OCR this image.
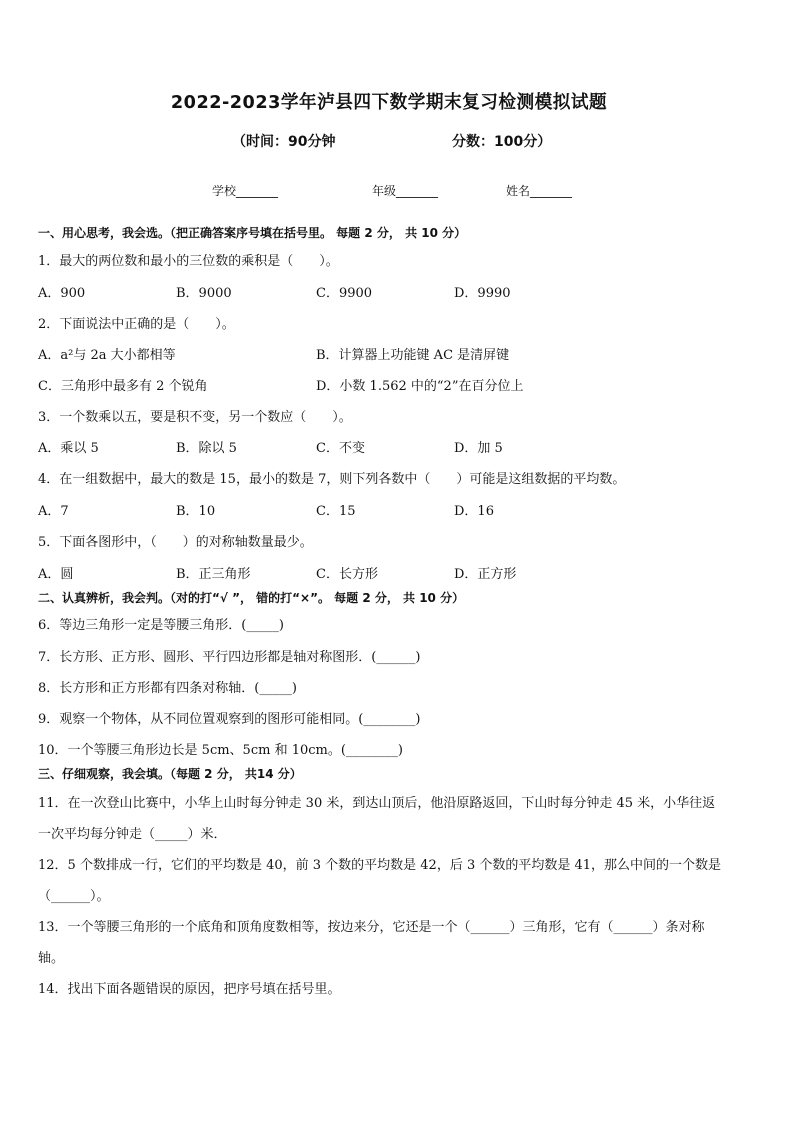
2022-2023学年泸县四下数学期末复习检测模拟试题
（时间：90分钟	分数：100分）
学校_______	年级_______	姓名_______
一、用心思考，我会选。（把正确答案序号填在括号里。 每题 2 分， 共 10 分）
1．最大的两位数和最小的三位数的乘积是（　　）。
A．900	B．9000	C．9900	D．9990
2．下面说法中正确的是（　　）。
A．a²与 2a 大小都相等	B．计算器上功能键 AC 是清屏键
C．三角形中最多有 2 个锐角	D．小数 1.562 中的“2”在百分位上
3．一个数乘以五，要是积不变，另一个数应（　　）。
A．乘以 5	B．除以 5	C．不变	D．加 5
4．在一组数据中，最大的数是 15，最小的数是 7，则下列各数中（　　）可能是这组数据的平均数。
A．7	B．10	C．15	D．16
5．下面各图形中，（　　）的对称轴数量最少。
A．圆	B．正三角形	C．长方形	D．正方形
二、认真辨析，我会判。（对的打“√ ”， 错的打“×”。 每题 2 分， 共 10 分）
6．等边三角形一定是等腰三角形．(_____)
7．长方形、正方形、圆形、平行四边形都是轴对称图形．(______)
8．长方形和正方形都有四条对称轴．(_____)
9．观察一个物体，从不同位置观察到的图形可能相同。(________)
10．一个等腰三角形边长是 5cm、5cm 和 10cm。(________)
三、仔细观察，我会填。（每题 2 分， 共14 分）
11．在一次登山比赛中，小华上山时每分钟走 30 米，到达山顶后，他沿原路返回，下山时每分钟走 45 米，小华往返
一次平均每分钟走（_____）米．
12．5 个数排成一行，它们的平均数是 40，前 3 个数的平均数是 42，后 3 个数的平均数是 41，那么中间的一个数是
（______）。
13．一个等腰三角形的一个底角和顶角度数相等，按边来分，它还是一个（______）三角形，它有（______）条对称
轴。
14．找出下面各题错误的原因，把序号填在括号里。
